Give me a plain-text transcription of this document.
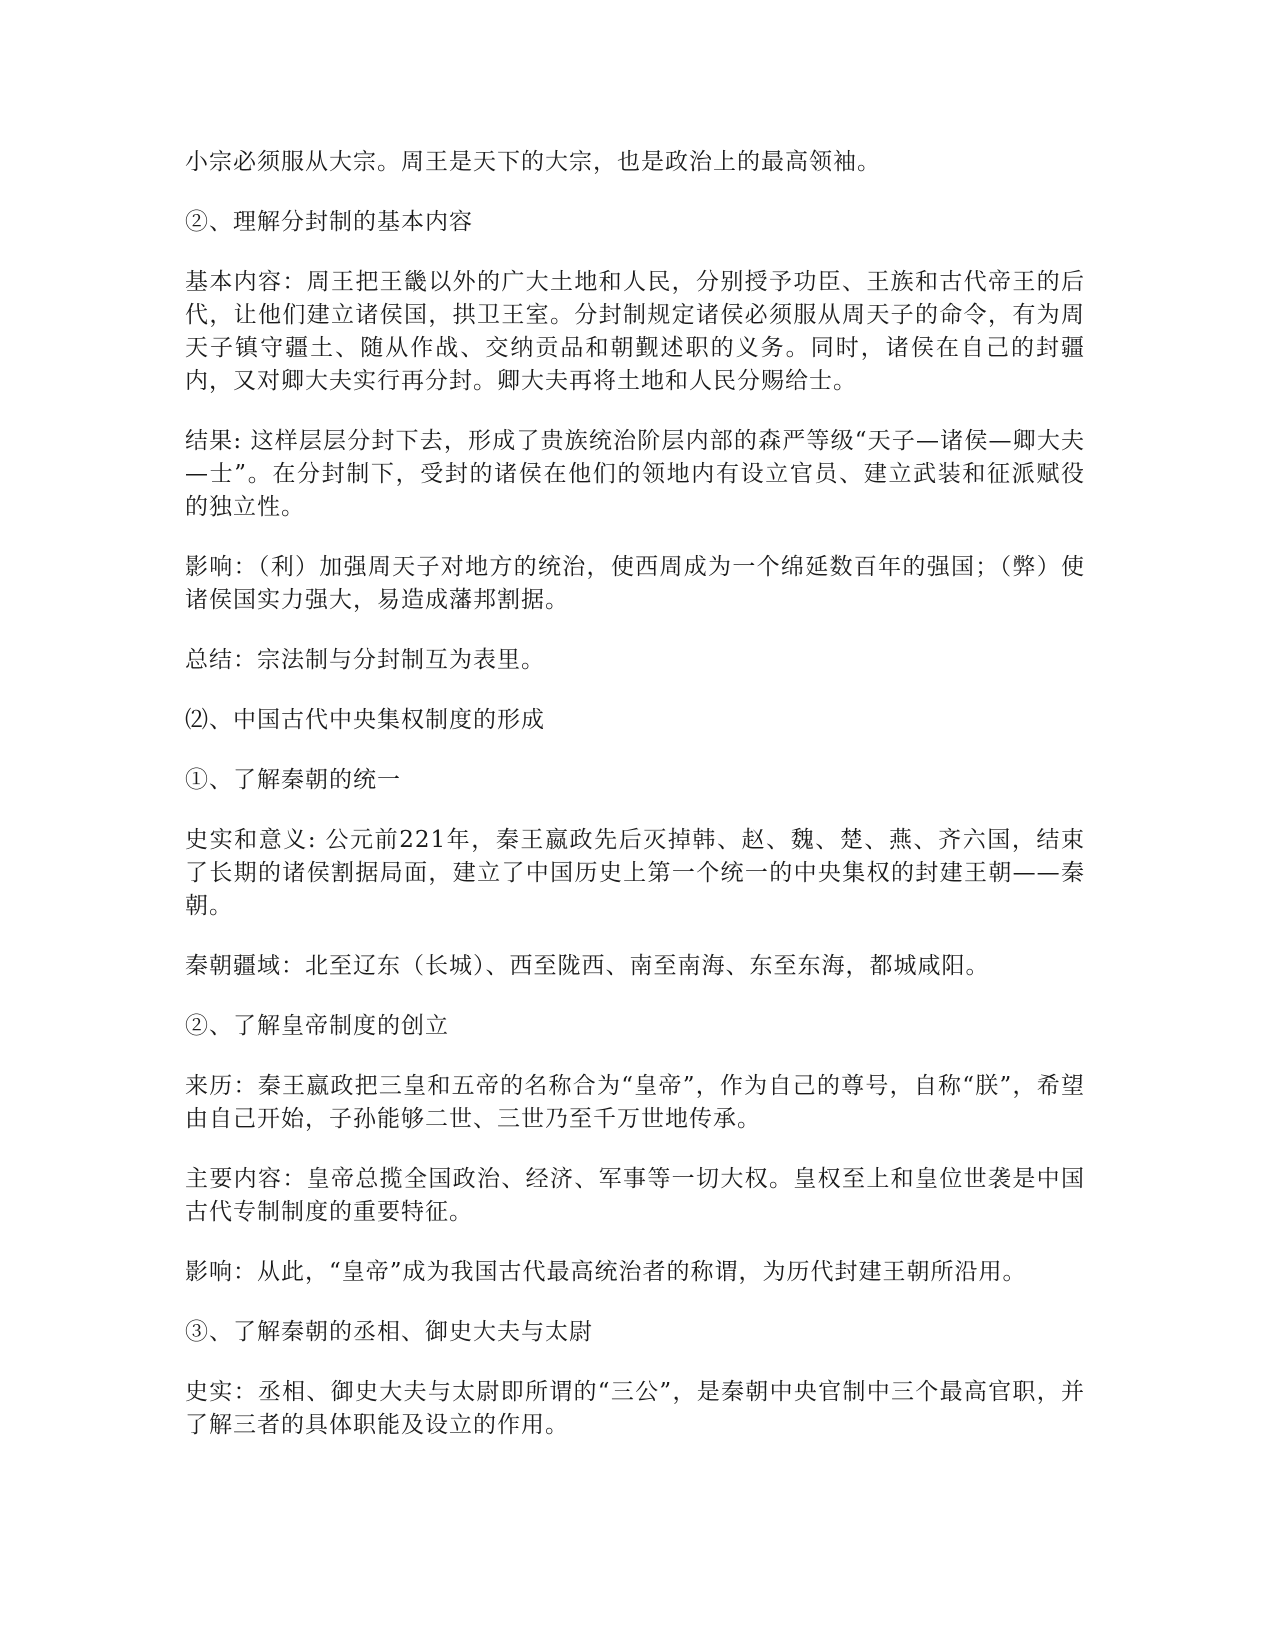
小宗必须服从大宗。周王是天下的大宗，也是政治上的最高领袖。

②、理解分封制的基本内容

基本内容：周王把王畿以外的广大土地和人民，分别授予功臣、王族和古代帝王的后代，让他们建立诸侯国，拱卫王室。分封制规定诸侯必须服从周天子的命令，有为周天子镇守疆土、随从作战、交纳贡品和朝觐述职的义务。同时，诸侯在自己的封疆内，又对卿大夫实行再分封。卿大夫再将土地和人民分赐给士。

结果: 这样层层分封下去，形成了贵族统治阶层内部的森严等级“天子—诸侯—卿大夫—士”。在分封制下，受封的诸侯在他们的领地内有设立官员、建立武装和征派赋役的独立性。

影响：（利）加强周天子对地方的统治，使西周成为一个绵延数百年的强国；（弊）使诸侯国实力强大，易造成藩邦割据。

总结：宗法制与分封制互为表里。

⑵、中国古代中央集权制度的形成

①、了解秦朝的统一

史实和意义: 公元前221年，秦王嬴政先后灭掉韩、赵、魏、楚、燕、齐六国，结束了长期的诸侯割据局面，建立了中国历史上第一个统一的中央集权的封建王朝——秦朝。

秦朝疆域：北至辽东（长城）、西至陇西、南至南海、东至东海，都城咸阳。

②、了解皇帝制度的创立

来历：秦王嬴政把三皇和五帝的名称合为“皇帝”，作为自己的尊号，自称“朕”，希望由自己开始，子孙能够二世、三世乃至千万世地传承。

主要内容：皇帝总揽全国政治、经济、军事等一切大权。皇权至上和皇位世袭是中国古代专制制度的重要特征。

影响：从此，“皇帝”成为我国古代最高统治者的称谓，为历代封建王朝所沿用。

③、了解秦朝的丞相、御史大夫与太尉

史实：丞相、御史大夫与太尉即所谓的“三公”，是秦朝中央官制中三个最高官职，并了解三者的具体职能及设立的作用。
